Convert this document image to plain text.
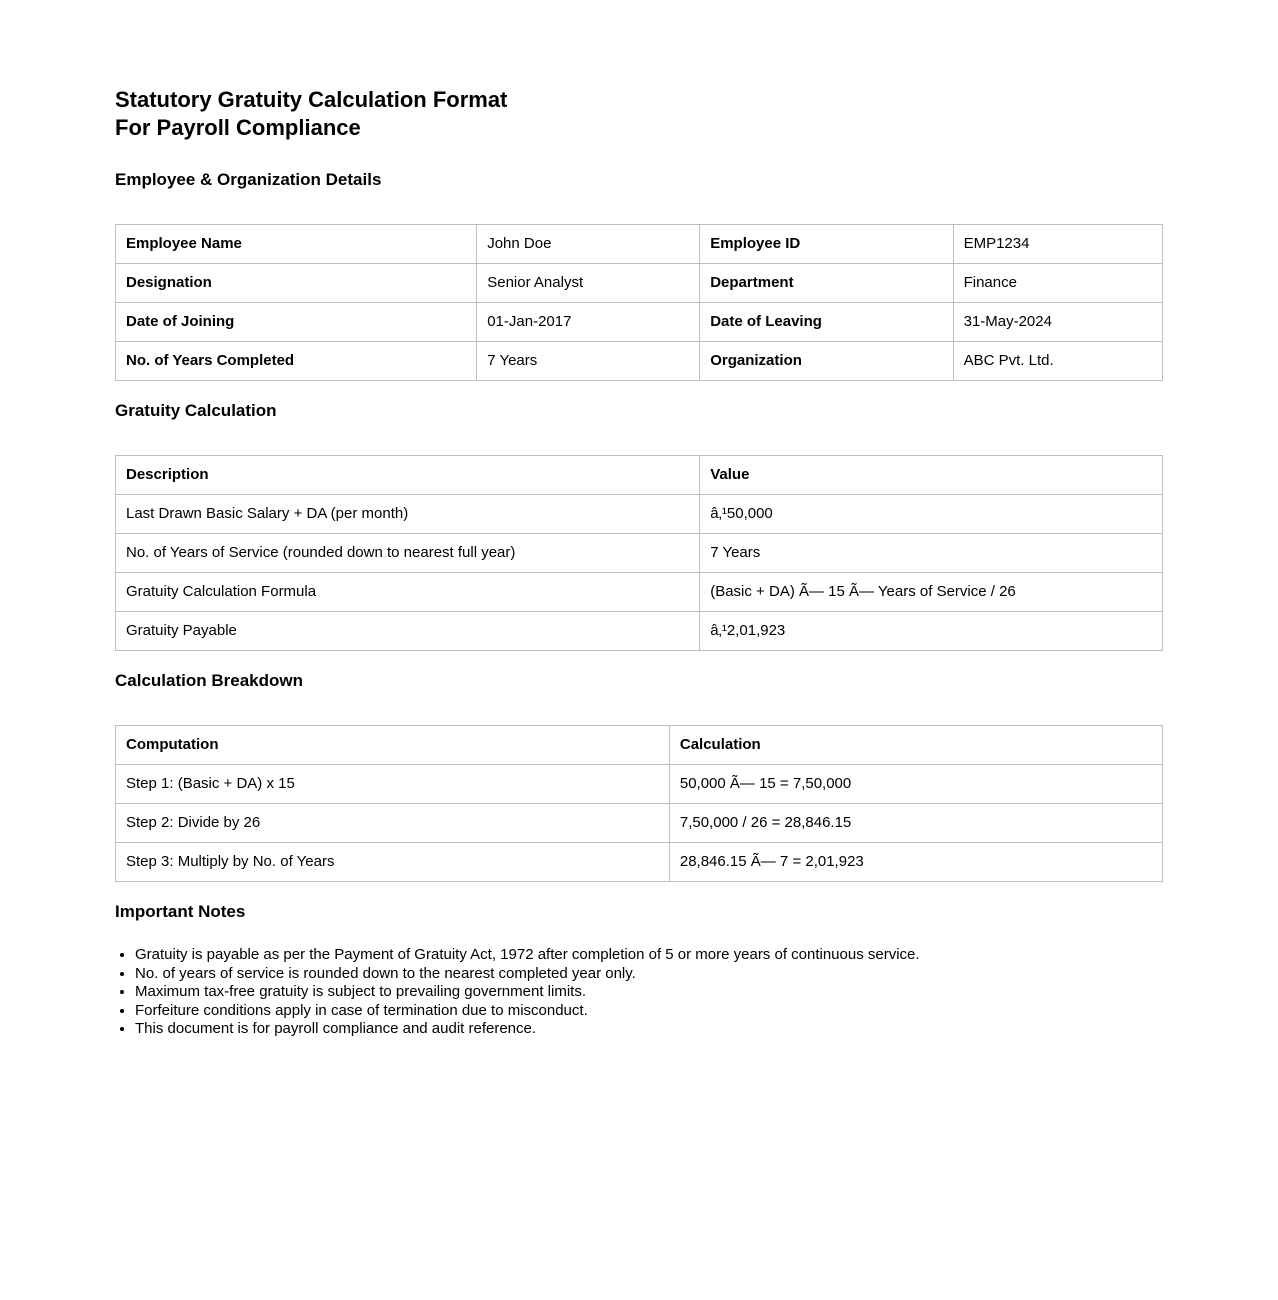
Statutory Gratuity Calculation Format
For Payroll Compliance
Employee & Organization Details
Employee Name	John Doe	Employee ID	EMP1234
Designation	Senior Analyst	Department	Finance
Date of Joining	01-Jan-2017	Date of Leaving	31-May-2024
No. of Years Completed	7 Years	Organization	ABC Pvt. Ltd.
Gratuity Calculation
Description	Value
Last Drawn Basic Salary + DA (per month)	â‚¹50,000
No. of Years of Service (rounded down to nearest full year)	7 Years
Gratuity Calculation Formula	(Basic + DA) Ã— 15 Ã— Years of Service / 26
Gratuity Payable	â‚¹2,01,923
Calculation Breakdown
Computation	Calculation
Step 1: (Basic + DA) x 15	50,000 Ã— 15 = 7,50,000
Step 2: Divide by 26	7,50,000 / 26 = 28,846.15
Step 3: Multiply by No. of Years	28,846.15 Ã— 7 = 2,01,923
Important Notes
• Gratuity is payable as per the Payment of Gratuity Act, 1972 after completion of 5 or more years of continuous service.
• No. of years of service is rounded down to the nearest completed year only.
• Maximum tax-free gratuity is subject to prevailing government limits.
• Forfeiture conditions apply in case of termination due to misconduct.
• This document is for payroll compliance and audit reference.
